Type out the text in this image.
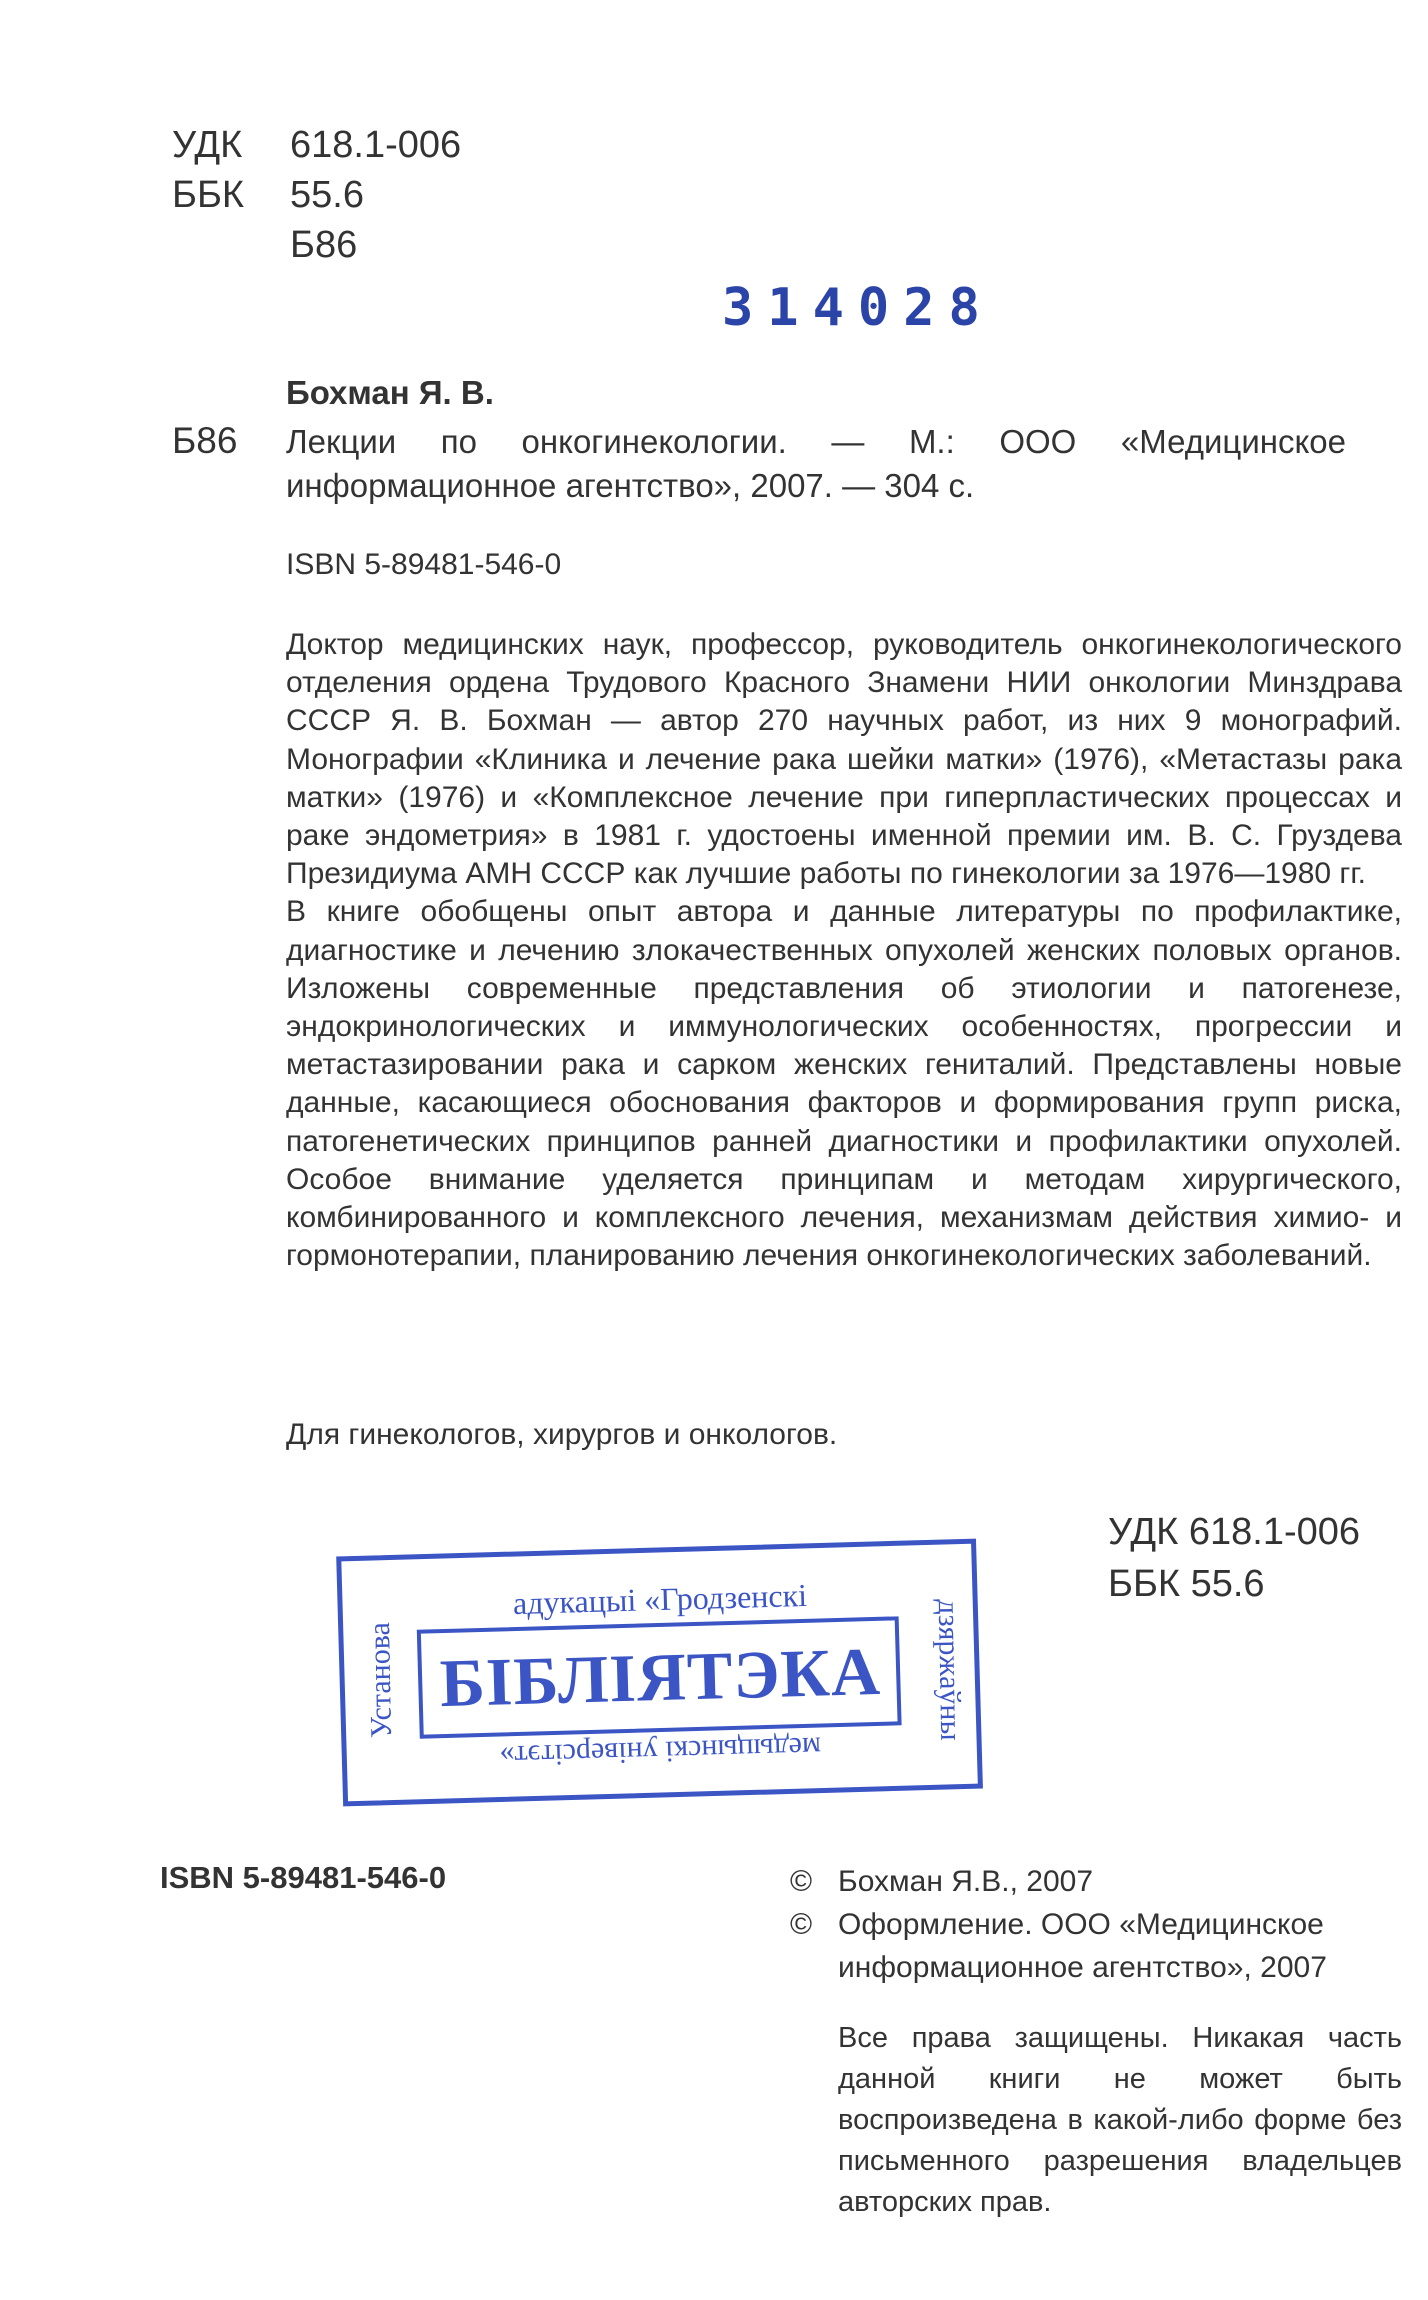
УДК 618.1-006
ББК 55.6
Б86
314028
Бохман Я. В.
Б86 Лекции по онкогинекологии. — М.: ООО «Медицинское информационное агентство», 2007. — 304 с.
ISBN 5-89481-546-0

Доктор медицинских наук, профессор, руководитель онкогинекологического отделения ордена Трудового Красного Знамени НИИ онкологии Минздрава СССР Я. В. Бохман — автор 270 научных работ, из них 9 монографий. Монографии «Клиника и лечение рака шейки матки» (1976), «Метастазы рака матки» (1976) и «Комплексное лечение при гиперпластических процессах и раке эндометрия» в 1981 г. удостоены именной премии им. В. С. Груздева Президиума АМН СССР как лучшие работы по гинекологии за 1976—1980 гг.

В книге обобщены опыт автора и данные литературы по профилактике, диагностике и лечению злокачественных опухолей женских половых органов. Изложены современные представления об этиологии и патогенезе, эндокринологических и иммунологических особенностях, прогрессии и метастазировании рака и сарком женских гениталий. Представлены новые данные, касающиеся обоснования факторов и формирования групп риска, патогенетических принципов ранней диагностики и профилактики опухолей. Особое внимание уделяется принципам и методам хирургического, комбинированного и комплексного лечения, механизмам действия химио- и гормонотерапии, планированию лечения онкогинекологических заболеваний.

Для гинекологов, хирургов и онкологов.
адукацыі «Гродзенскі
БІБЛІЯТЭКА
медыцынскі універсітэт»
Установа	дзяржаўны
УДК 618.1-006
ББК 55.6
ISBN 5-89481-546-0	© Бохман Я.В., 2007
© Оформление. ООО «Медицинское информационное агентство», 2007
Все права защищены. Никакая часть данной книги не может быть воспроизведена в какой-либо форме без письменного разрешения владельцев авторских прав.
